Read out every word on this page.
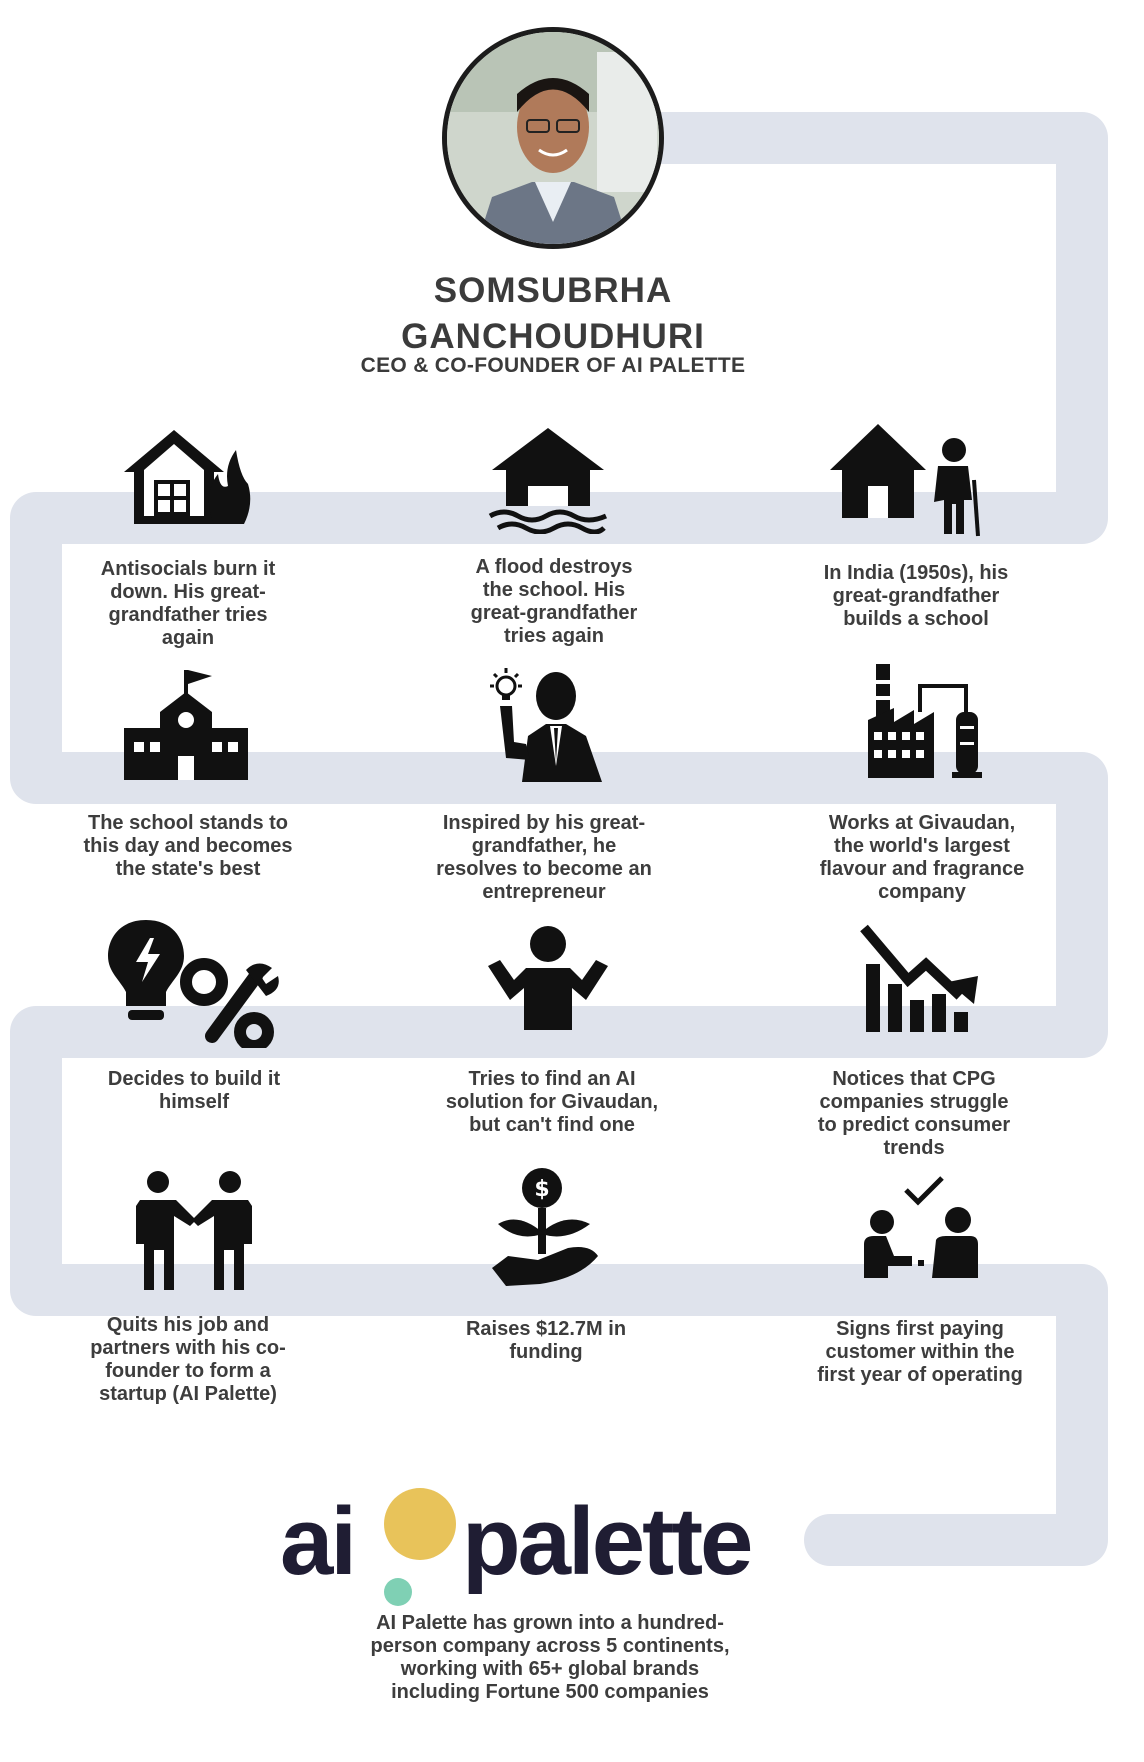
SOMSUBRHA
GANCHOUDHURI
CEO & CO-FOUNDER OF AI PALETTE
Antisocials burn it
down. His great-
grandfather tries
again
A flood destroys
the school. His
great-grandfather
tries again
In India (1950s), his
great-grandfather
builds a school
The school stands to
this day and becomes
the state's best
Inspired by his great-
grandfather, he
resolves to become an
entrepreneur
Works at Givaudan,
the world's largest
flavour and fragrance
company
Decides to build it
himself
Tries to find an AI
solution for Givaudan,
but can't find one
Notices that CPG
companies struggle
to predict consumer
trends
$
Quits his job and
partners with his co-
founder to form a
startup (AI Palette)
Raises $12.7M in
funding
Signs first paying
customer within the
first year of operating
ai palette
AI Palette has grown into a hundred-
person company across 5 continents,
working with 65+ global brands
including Fortune 500 companies
